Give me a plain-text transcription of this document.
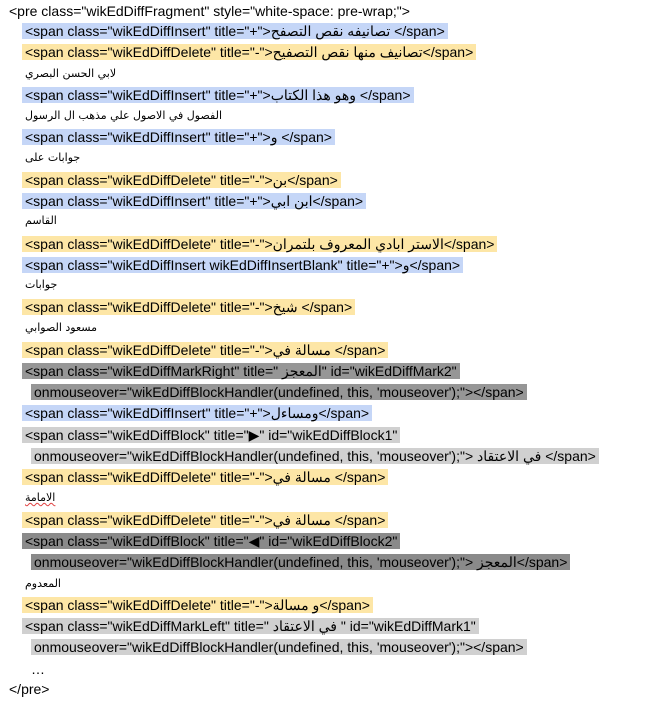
<pre class="wikEdDiffFragment" style="white-space: pre-wrap;">
<span class="wikEdDiffInsert" title="+">تصانيفه نقص التصفح </span>
<span class="wikEdDiffDelete" title="-">تصانيف منها نقص التصفيح</span>
لابي الحسن البصري
<span class="wikEdDiffInsert" title="+">وهو هذا الكتاب </span>
الفصول في الاصول علي مذهب ال الرسول
<span class="wikEdDiffInsert" title="+">و </span>
جوابات على
<span class="wikEdDiffDelete" title="-">بن</span>
<span class="wikEdDiffInsert" title="+">ابن ابي</span>
القاسم
<span class="wikEdDiffDelete" title="-">الاستر ابادي المعروف بلتمران</span>
<span class="wikEdDiffInsert wikEdDiffInsertBlank" title="+">و</span>
جوابات
<span class="wikEdDiffDelete" title="-">شيخ </span>
مسعود الصوابي
<span class="wikEdDiffDelete" title="-">مسالة في </span>
<span class="wikEdDiffMarkRight" title=" المعجز" id="wikEdDiffMark2"
onmouseover="wikEdDiffBlockHandler(undefined, this, 'mouseover');"></span>
<span class="wikEdDiffInsert" title="+">ومساءل</span>
<span class="wikEdDiffBlock" title="▶" id="wikEdDiffBlock1"
onmouseover="wikEdDiffBlockHandler(undefined, this, 'mouseover');"> في الاعتقاد </span>
<span class="wikEdDiffDelete" title="-">مسالة في </span>
الامامة
<span class="wikEdDiffDelete" title="-">مسالة في </span>
<span class="wikEdDiffBlock" title="◀" id="wikEdDiffBlock2"
onmouseover="wikEdDiffBlockHandler(undefined, this, 'mouseover');"> المعجز</span>
المعدوم
<span class="wikEdDiffDelete" title="-">و مسالة</span>
<span class="wikEdDiffMarkLeft" title=" في الاعتقاد " id="wikEdDiffMark1"
onmouseover="wikEdDiffBlockHandler(undefined, this, 'mouseover');"></span>
…
</pre>
